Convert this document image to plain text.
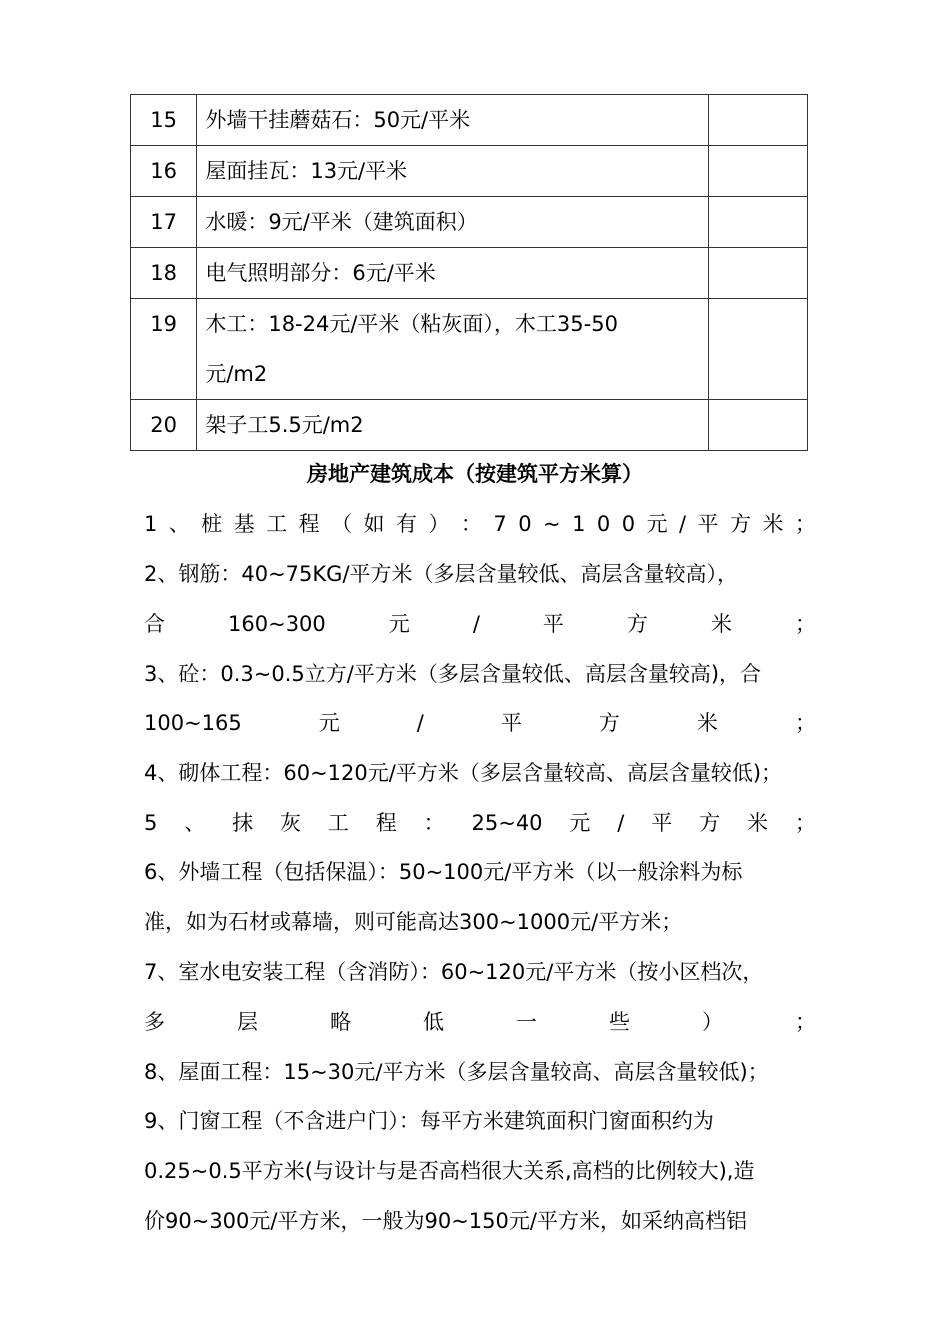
15	外墙干挂蘑菇石：50元/平米	
16	屋面挂瓦：13元/平米	
17	水暖：9元/平米（建筑面积）	
18	电气照明部分：6元/平米	
19	木工：18-24元/平米（粘灰面），木工35-50
元/m2	

20	架子工5.5元/m2	
房地产建筑成本（按建筑平方米算）
1 、 桩 基 工 程 （ 如 有 ） ： 7 0 ~ 1 0 0 元 / 平 方 米 ；
2、钢筋：40~75KG/平方米（多层含量较低、高层含量较高），
合	160~300	元	/	平	方	米	；
3、砼：0.3~0.5立方/平方米（多层含量较低、高层含量较高)，合
100~165	元	/	平	方	米	；
4、砌体工程：60~120元/平方米（多层含量较高、高层含量较低)；
5 、 抹 灰 工 程 ： 25~40 元 / 平 方 米 ；
6、外墙工程（包括保温）：50~100元/平方米（以一般涂料为标
准，如为石材或幕墙，则可能高达300~1000元/平方米；
7、室水电安装工程（含消防）：60~120元/平方米（按小区档次，
多	层	略	低	一	些	）	；
8、屋面工程：15~30元/平方米（多层含量较高、高层含量较低)；
9、门窗工程（不含进户门）：每平方米建筑面积门窗面积约为
0.25~0.5平方米(与设计与是否高档很大关系,高档的比例较大),造
价90~300元/平方米，一般为90~150元/平方米，如采纳高档铝
